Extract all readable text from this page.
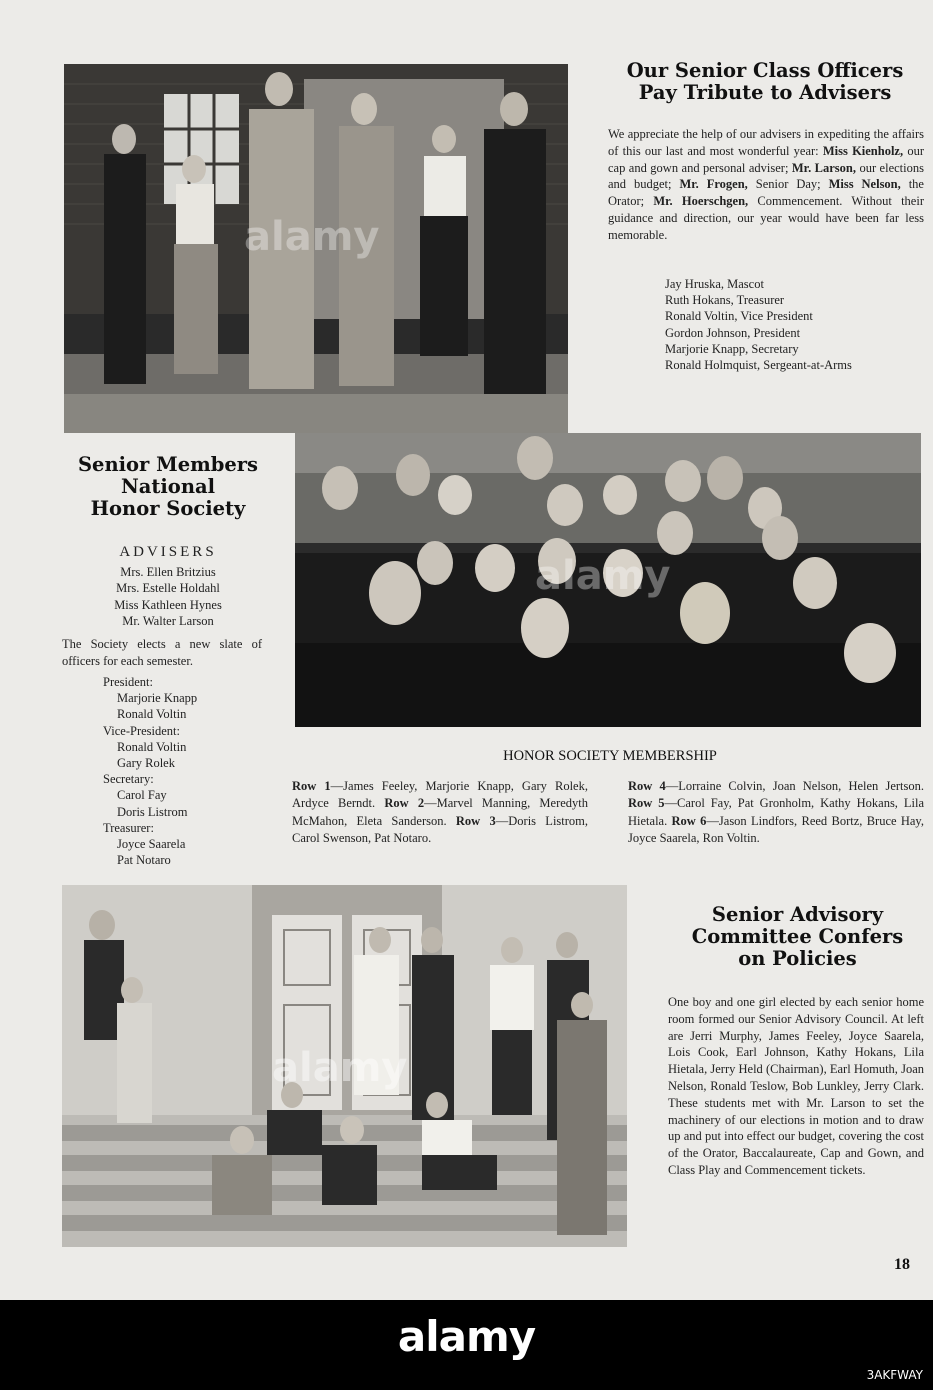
alamy
Our Senior Class Officers
Pay Tribute to Advisers
We appreciate the help of our advisers in expediting the affairs of this our last and most wonderful year: Miss Kienholz, our cap and gown and personal adviser; Mr. Larson, our elections and budget; Mr. Frogen, Senior Day; Miss Nelson, the Orator; Mr. Hoerschgen, Commencement. Without their guidance and direction, our year would have been far less memorable.
Jay Hruska, Mascot
Ruth Hokans, Treasurer
Ronald Voltin, Vice President
Gordon Johnson, President
Marjorie Knapp, Secretary
Ronald Holmquist, Sergeant-at-Arms
Senior Members
National
Honor Society
ADVISERS
Mrs. Ellen Britzius
Mrs. Estelle Holdahl
Miss Kathleen Hynes
Mr. Walter Larson
The Society elects a new slate of officers for each semester.
President:
Marjorie Knapp
Ronald Voltin
Vice-President:
Ronald Voltin
Gary Rolek
Secretary:
Carol Fay
Doris Listrom
Treasurer:
Joyce Saarela
Pat Notaro
alamy
HONOR SOCIETY MEMBERSHIP
Row 1—James Feeley, Marjorie Knapp, Gary Rolek, Ardyce Berndt. Row 2—Marvel Manning, Meredyth McMahon, Eleta Sanderson. Row 3—Doris Listrom, Carol Swenson, Pat Notaro.
Row 4—Lorraine Colvin, Joan Nelson, Helen Jertson. Row 5—Carol Fay, Pat Gronholm, Kathy Hokans, Lila Hietala. Row 6—Jason Lindfors, Reed Bortz, Bruce Hay, Joyce Saarela, Ron Voltin.
alamy
Senior Advisory
Committee Confers
on Policies
One boy and one girl elected by each senior home room formed our Senior Advisory Council. At left are Jerri Murphy, James Feeley, Joyce Saarela, Lois Cook, Earl Johnson, Kathy Hokans, Lila Hietala, Jerry Held (Chairman), Earl Homuth, Joan Nelson, Ronald Teslow, Bob Lunkley, Jerry Clark. These students met with Mr. Larson to set the machinery of our elections in motion and to draw up and put into effect our budget, covering the cost of the Orator, Baccalaureate, Cap and Gown, and Class Play and Commencement tickets.
18
alamy
3AKFWAY
